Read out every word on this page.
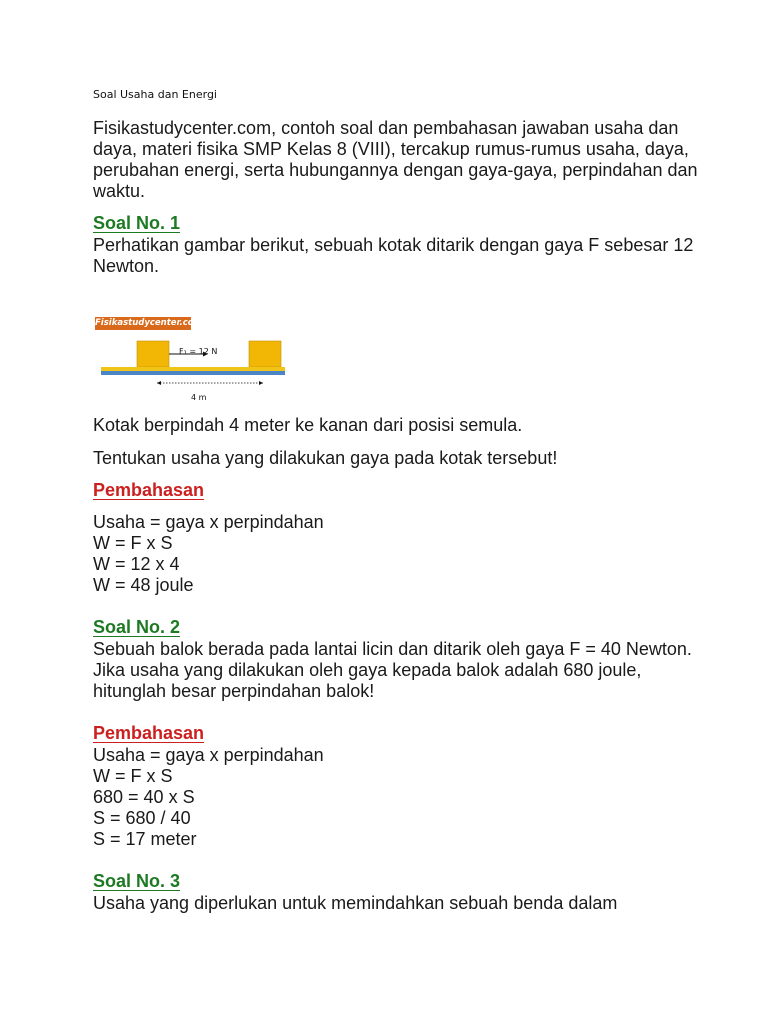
Soal Usaha dan Energi

Fisikastudycenter.com, contoh soal dan pembahasan jawaban usaha dan daya, materi fisika SMP Kelas 8 (VIII), tercakup rumus-rumus usaha, daya, perubahan energi, serta hubungannya dengan gaya-gaya, perpindahan dan waktu.

Soal No. 1

Perhatikan gambar berikut, sebuah kotak ditarik dengan gaya F sebesar 12 Newton.

Fisikastudycenter.com
F₁ = 12 N
4 m

Kotak berpindah 4 meter ke kanan dari posisi semula.

Tentukan usaha yang dilakukan gaya pada kotak tersebut!

Pembahasan
Usaha = gaya x perpindahan
W = F x S
W = 12 x 4
W = 48 joule
Soal No. 2

Sebuah balok berada pada lantai licin dan ditarik oleh gaya F = 40 Newton. Jika usaha yang dilakukan oleh gaya kepada balok adalah 680 joule, hitunglah besar perpindahan balok!

Pembahasan
Usaha = gaya x perpindahan
W = F x S
680 = 40 x S
S = 680 / 40
S = 17 meter
Soal No. 3

Usaha yang diperlukan untuk memindahkan sebuah benda dalam
